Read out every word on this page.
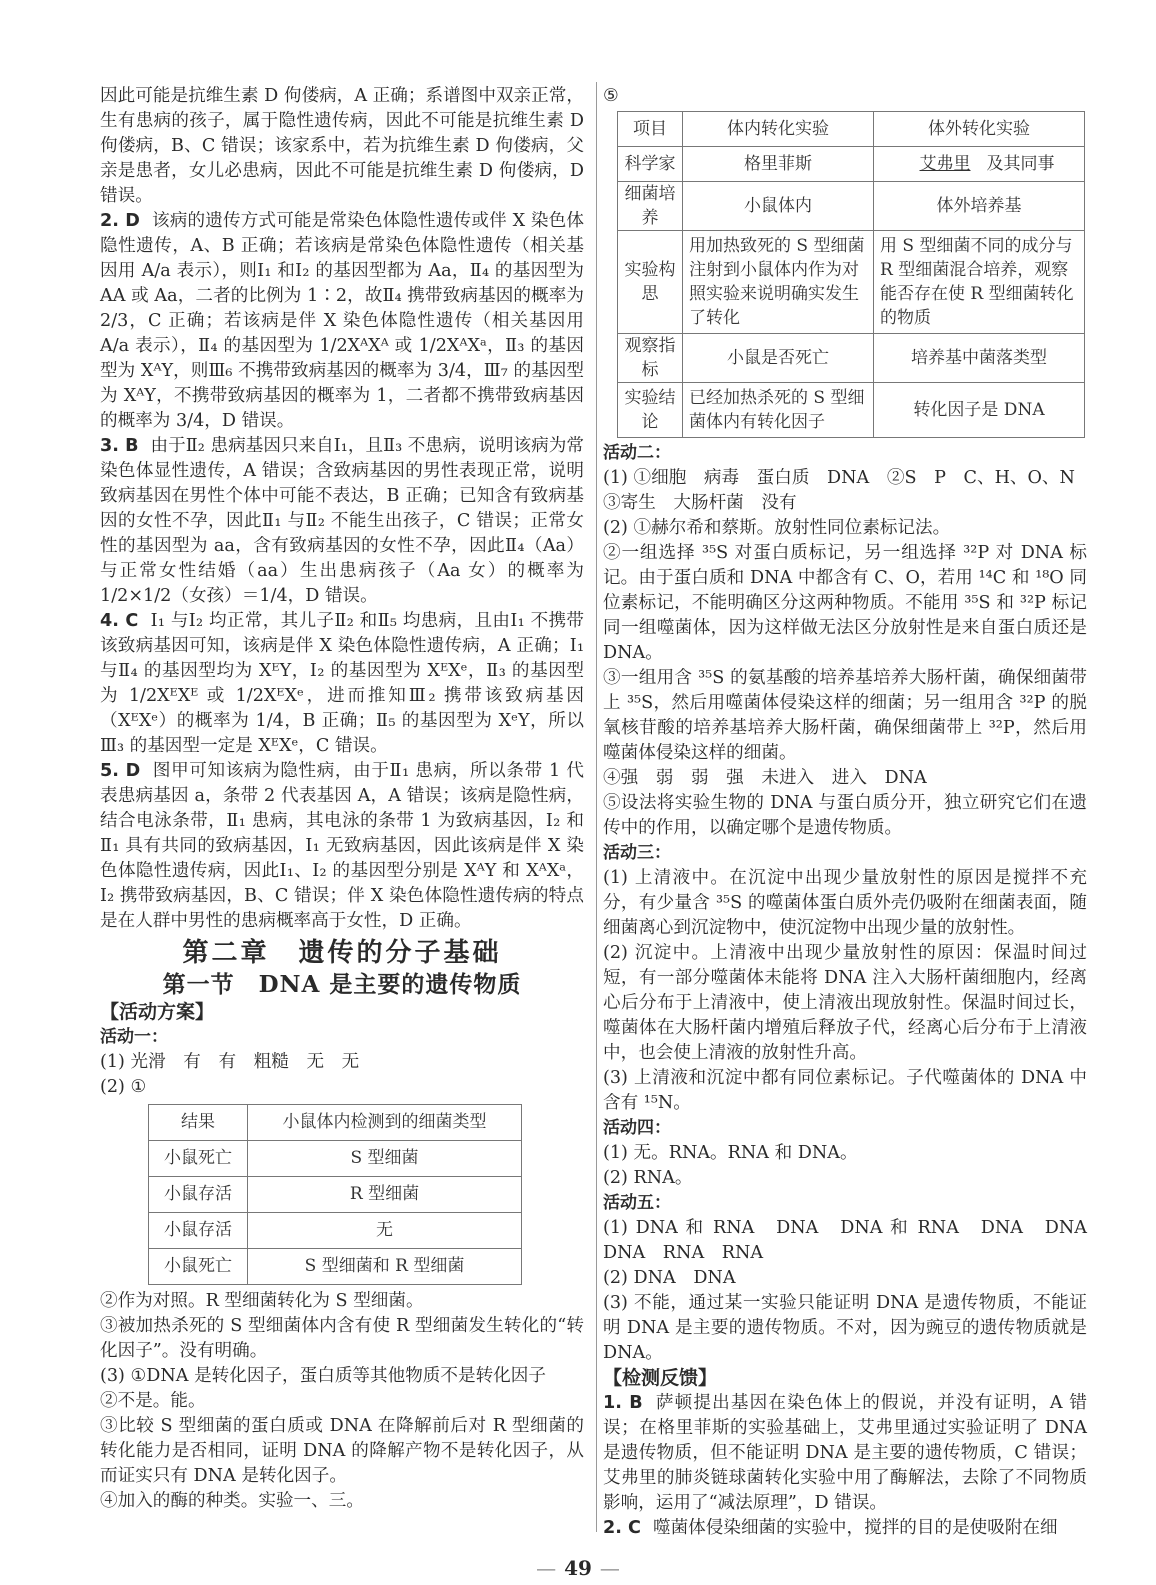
因此可能是抗维生素 D 佝偻病，A 正确；系谱图中双亲正常，生有患病的孩子，属于隐性遗传病，因此不可能是抗维生素 D 佝偻病，B、C 错误；该家系中，若为抗维生素 D 佝偻病，父亲是患者，女儿必患病，因此不可能是抗维生素 D 佝偻病，D 错误。

2. D 该病的遗传方式可能是常染色体隐性遗传或伴 X 染色体隐性遗传，A、B 正确；若该病是常染色体隐性遗传（相关基因用 A/a 表示），则Ⅰ₁ 和Ⅰ₂ 的基因型都为 Aa，Ⅱ₄ 的基因型为 AA 或 Aa，二者的比例为 1∶2，故Ⅱ₄ 携带致病基因的概率为 2/3，C 正确；若该病是伴 X 染色体隐性遗传（相关基因用 A/a 表示），Ⅱ₄ 的基因型为 1/2XᴬXᴬ 或 1/2XᴬXᵃ，Ⅱ₃ 的基因型为 XᴬY，则Ⅲ₆ 不携带致病基因的概率为 3/4，Ⅲ₇ 的基因型为 XᴬY，不携带致病基因的概率为 1，二者都不携带致病基因的概率为 3/4，D 错误。

3. B 由于Ⅱ₂ 患病基因只来自Ⅰ₁，且Ⅱ₃ 不患病，说明该病为常染色体显性遗传，A 错误；含致病基因的男性表现正常，说明致病基因在男性个体中可能不表达，B 正确；已知含有致病基因的女性不孕，因此Ⅱ₁ 与Ⅱ₂ 不能生出孩子，C 错误；正常女性的基因型为 aa，含有致病基因的女性不孕，因此Ⅱ₄（Aa）与正常女性结婚（aa）生出患病孩子（Aa 女）的概率为 1/2×1/2（女孩）＝1/4，D 错误。

4. C Ⅰ₁ 与Ⅰ₂ 均正常，其儿子Ⅱ₂ 和Ⅱ₅ 均患病，且由Ⅰ₁ 不携带该致病基因可知，该病是伴 X 染色体隐性遗传病，A 正确；Ⅰ₁ 与Ⅱ₄ 的基因型均为 XᴱY，Ⅰ₂ 的基因型为 XᴱXᵉ，Ⅱ₃ 的基因型为 1/2XᴱXᴱ 或 1/2XᴱXᵉ，进而推知Ⅲ₂ 携带该致病基因（XᴱXᵉ）的概率为 1/4，B 正确；Ⅱ₅ 的基因型为 XᵉY，所以Ⅲ₃ 的基因型一定是 XᴱXᵉ，C 错误。

5. D 图甲可知该病为隐性病，由于Ⅱ₁ 患病，所以条带 1 代表患病基因 a，条带 2 代表基因 A，A 错误；该病是隐性病，结合电泳条带，Ⅱ₁ 患病，其电泳的条带 1 为致病基因，Ⅰ₂ 和Ⅱ₁ 具有共同的致病基因，Ⅰ₁ 无致病基因，因此该病是伴 X 染色体隐性遗传病，因此Ⅰ₁、Ⅰ₂ 的基因型分别是 XᴬY 和 XᴬXᵃ，Ⅰ₂ 携带致病基因，B、C 错误；伴 X 染色体隐性遗传病的特点是在人群中男性的患病概率高于女性，D 正确。

第二章　遗传的分子基础
第一节　DNA 是主要的遗传物质

【活动方案】

活动一：

(1) 光滑　有　有　粗糙　无　无

(2) ①

结果	小鼠体内检测到的细菌类型
小鼠死亡	S 型细菌
小鼠存活	R 型细菌
小鼠存活	无
小鼠死亡	S 型细菌和 R 型细菌

②作为对照。R 型细菌转化为 S 型细菌。

③被加热杀死的 S 型细菌体内含有使 R 型细菌发生转化的“转化因子”。没有明确。

(3) ①DNA 是转化因子，蛋白质等其他物质不是转化因子

②不是。能。

③比较 S 型细菌的蛋白质或 DNA 在降解前后对 R 型细菌的转化能力是否相同，证明 DNA 的降解产物不是转化因子，从而证实只有 DNA 是转化因子。

④加入的酶的种类。实验一、三。

⑤

项目	体内转化实验	体外转化实验
科学家	格里菲斯	艾弗里 及其同事
细菌培养	小鼠体内	体外培养基
实验构思	用加热致死的 S 型细菌注射到小鼠体内作为对照实验来说明确实发生了转化	用 S 型细菌不同的成分与 R 型细菌混合培养，观察能否存在使 R 型细菌转化的物质
观察指标	小鼠是否死亡	培养基中菌落类型
实验结论	已经加热杀死的 S 型细菌体内有转化因子	转化因子是 DNA

活动二：

(1) ①细胞　病毒　蛋白质　DNA　②S　P　C、H、O、N

③寄生　大肠杆菌　没有

(2) ①赫尔希和蔡斯。放射性同位素标记法。

②一组选择 ³⁵S 对蛋白质标记，另一组选择 ³²P 对 DNA 标记。由于蛋白质和 DNA 中都含有 C、O，若用 ¹⁴C 和 ¹⁸O 同位素标记，不能明确区分这两种物质。不能用 ³⁵S 和 ³²P 标记同一组噬菌体，因为这样做无法区分放射性是来自蛋白质还是 DNA。

③一组用含 ³⁵S 的氨基酸的培养基培养大肠杆菌，确保细菌带上 ³⁵S，然后用噬菌体侵染这样的细菌；另一组用含 ³²P 的脱氧核苷酸的培养基培养大肠杆菌，确保细菌带上 ³²P，然后用噬菌体侵染这样的细菌。

④强　弱　弱　强　未进入　进入　DNA

⑤设法将实验生物的 DNA 与蛋白质分开，独立研究它们在遗传中的作用，以确定哪个是遗传物质。

活动三：

(1) 上清液中。在沉淀中出现少量放射性的原因是搅拌不充分，有少量含 ³⁵S 的噬菌体蛋白质外壳仍吸附在细菌表面，随细菌离心到沉淀物中，使沉淀物中出现少量的放射性。

(2) 沉淀中。上清液中出现少量放射性的原因：保温时间过短，有一部分噬菌体未能将 DNA 注入大肠杆菌细胞内，经离心后分布于上清液中，使上清液出现放射性。保温时间过长，噬菌体在大肠杆菌内增殖后释放子代，经离心后分布于上清液中，也会使上清液的放射性升高。

(3) 上清液和沉淀中都有同位素标记。子代噬菌体的 DNA 中含有 ¹⁵N。

活动四：

(1) 无。RNA。RNA 和 DNA。

(2) RNA。

活动五：

(1) DNA 和 RNA　DNA　DNA 和 RNA　DNA　DNA　DNA　RNA　RNA

(2) DNA　DNA

(3) 不能，通过某一实验只能证明 DNA 是遗传物质，不能证明 DNA 是主要的遗传物质。不对，因为豌豆的遗传物质就是 DNA。

【检测反馈】

1. B 萨顿提出基因在染色体上的假说，并没有证明，A 错误；在格里菲斯的实验基础上，艾弗里通过实验证明了 DNA 是遗传物质，但不能证明 DNA 是主要的遗传物质，C 错误；艾弗里的肺炎链球菌转化实验中用了酶解法，去除了不同物质影响，运用了“减法原理”，D 错误。

2. C 噬菌体侵染细菌的实验中，搅拌的目的是使吸附在细

— 49 —
